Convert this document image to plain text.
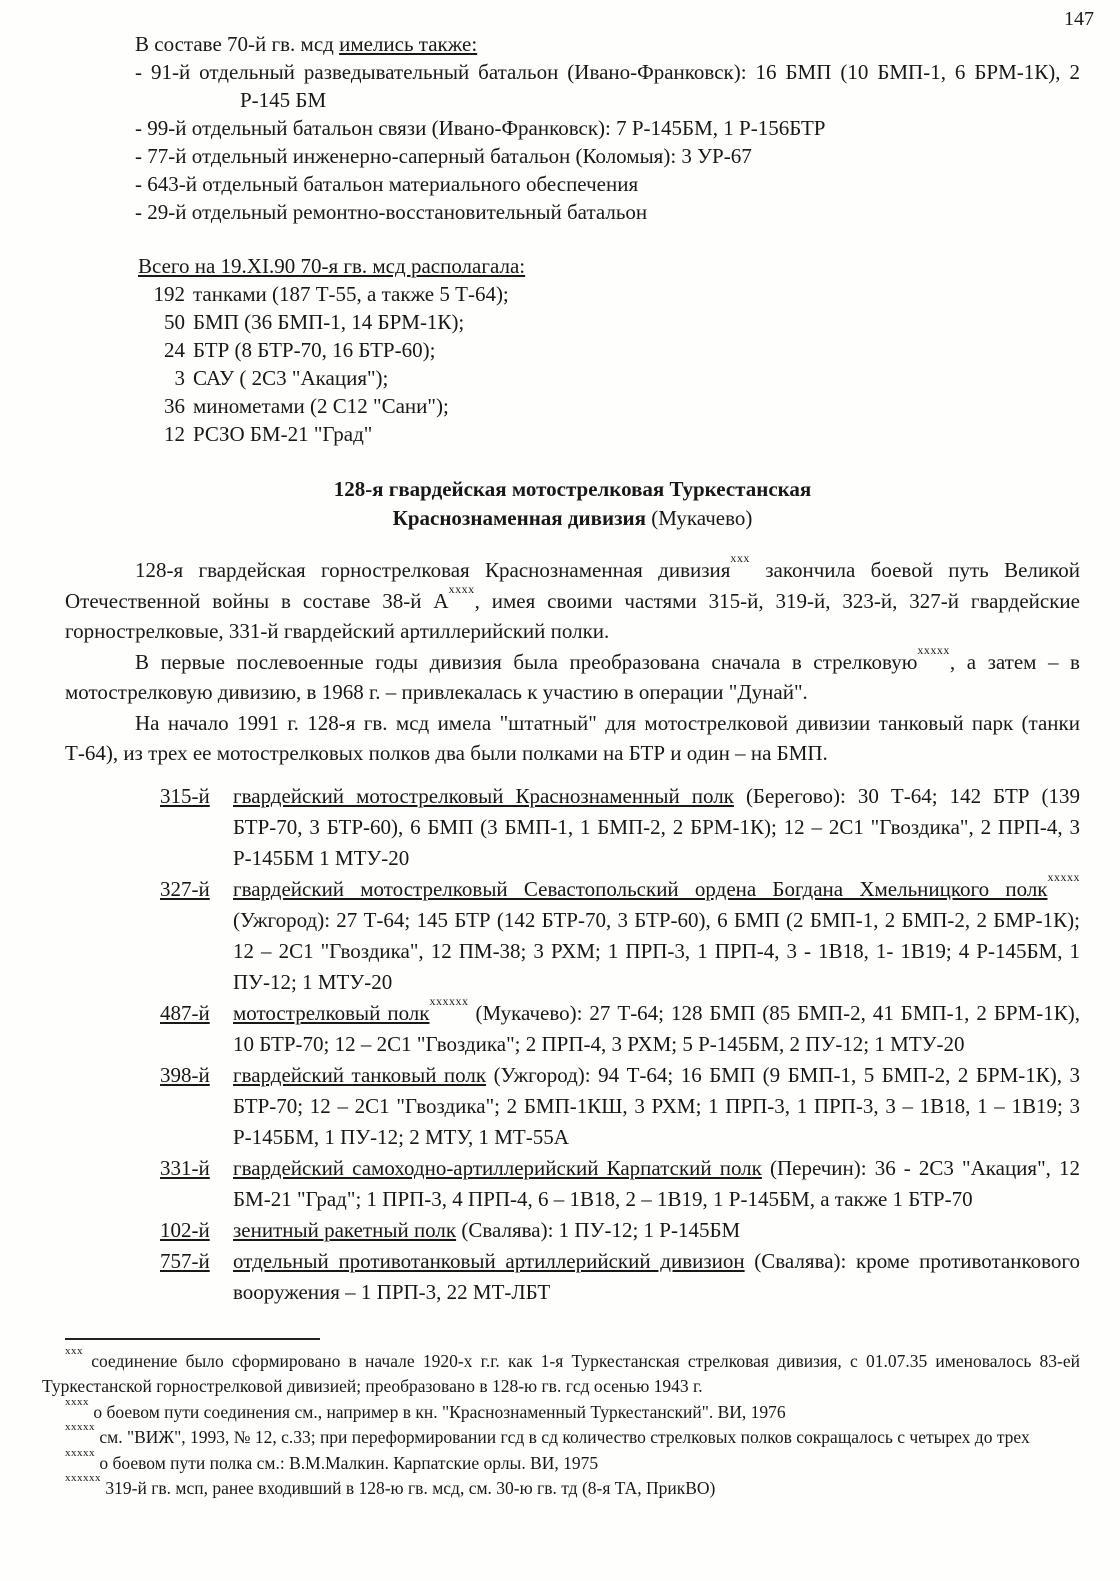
147
В составе 70-й гв. мсд имелись также:
- 91-й отдельный разведывательный батальон (Ивано-Франковск): 16 БМП (10 БМП-1, 6 БРМ-1К), 2 Р-145 БМ
- 99-й отдельный батальон связи (Ивано-Франковск): 7 Р-145БМ, 1 Р-156БТР
- 77-й отдельный инженерно-саперный батальон (Коломыя): 3 УР-67
- 643-й отдельный батальон материального обеспечения
- 29-й отдельный ремонтно-восстановительный батальон
Всего на 19.XI.90 70-я гв. мсд располагала:
192 танками (187 Т-55, а также 5 Т-64);
50 БМП (36 БМП-1, 14 БРМ-1К);
24 БТР (8 БТР-70, 16 БТР-60);
3 САУ ( 2С3 "Акация");
36 минометами (2 С12 "Сани");
12 РСЗО БМ-21 "Град"
128-я гвардейская мотострелковая Туркестанская
Краснознаменная дивизия (Мукачево)

128-я гвардейская горнострелковая Краснознаменная дивизия$^{xxx}$ закончила боевой путь Великой Отечественной войны в составе 38-й $А^{xxxx}$, имея своими частями 315-й, 319-й, 323-й, 327-й гвардейские горнострелковые, 331-й гвардейский артиллерийский полки.

В первые послевоенные годы дивизия была преобразована сначала в стрелковую$^{xxxxx}$, а затем – в мотострелковую дивизию, в 1968 г. – привлекалась к участию в операции "Дунай".

На начало 1991 г. 128-я гв. мсд имела "штатный" для мотострелковой дивизии танковый парк (танки Т-64), из трех ее мотострелковых полков два были полками на БТР и один – на БМП.

315-й	гвардейский мотострелковый Краснознаменный полк (Берегово): 30 Т-64; 142 БТР (139 БТР-70, 3 БТР-60), 6 БМП (3 БМП-1, 1 БМП-2, 2 БРМ-1К); 12 – 2С1 "Гвоздика", 2 ПРП-4, 3 Р-145БМ 1 МТУ-20
327-й	гвардейский мотострелковый Севастопольский ордена Богдана Хмельницкого полк$^{xxxxx}$ (Ужгород): 27 Т-64; 145 БТР (142 БТР-70, 3 БТР-60), 6 БМП (2 БМП-1, 2 БМП-2, 2 БМР-1К); 12 – 2С1 "Гвоздика", 12 ПМ-38; 3 РХМ; 1 ПРП-3, 1 ПРП-4, 3 - 1В18, 1- 1В19; 4 Р-145БМ, 1 ПУ-12; 1 МТУ-20
487-й	мотострелковый полк$^{xxxxxx}$ (Мукачево): 27 Т-64; 128 БМП (85 БМП-2, 41 БМП-1, 2 БРМ-1К), 10 БТР-70; 12 – 2С1 "Гвоздика"; 2 ПРП-4, 3 РХМ; 5 Р-145БМ, 2 ПУ-12; 1 МТУ-20
398-й	гвардейский танковый полк (Ужгород): 94 Т-64; 16 БМП (9 БМП-1, 5 БМП-2, 2 БРМ-1К), 3 БТР-70; 12 – 2С1 "Гвоздика"; 2 БМП-1КШ, 3 РХМ; 1 ПРП-3, 1 ПРП-3, 3 – 1В18, 1 – 1В19; 3 Р-145БМ, 1 ПУ-12; 2 МТУ, 1 МТ-55А
331-й	гвардейский самоходно-артиллерийский Карпатский полк (Перечин): 36 - 2С3 "Акация", 12 БМ-21 "Град"; 1 ПРП-3, 4 ПРП-4, 6 – 1В18, 2 – 1В19, 1 Р-145БМ, а также 1 БТР-70
102-й	зенитный ракетный полк (Свалява): 1 ПУ-12; 1 Р-145БМ
757-й	отдельный противотанковый артиллерийский дивизион (Свалява): кроме противотанкового вооружения – 1 ПРП-3, 22 МТ-ЛБТ
$^{xxx}$ соединение было сформировано в начале 1920-х г.г. как 1-я Туркестанская стрелковая дивизия, с 01.07.35 именовалось 83-ей Туркестанской горнострелковой дивизией; преобразовано в 128-ю гв. гсд осенью 1943 г.
$^{xxxx}$ о боевом пути соединения см., например в кн. "Краснознаменный Туркестанский". ВИ, 1976
$^{xxxxx}$ см. "ВИЖ", 1993, № 12, с.33; при переформировании гсд в сд количество стрелковых полков сокращалось с четырех до трех
$^{xxxxx}$ о боевом пути полка см.: В.М.Малкин. Карпатские орлы. ВИ, 1975
$^{xxxxxx}$ 319-й гв. мсп, ранее входивший в 128-ю гв. мсд, см. 30-ю гв. тд (8-я ТА, ПрикВО)
